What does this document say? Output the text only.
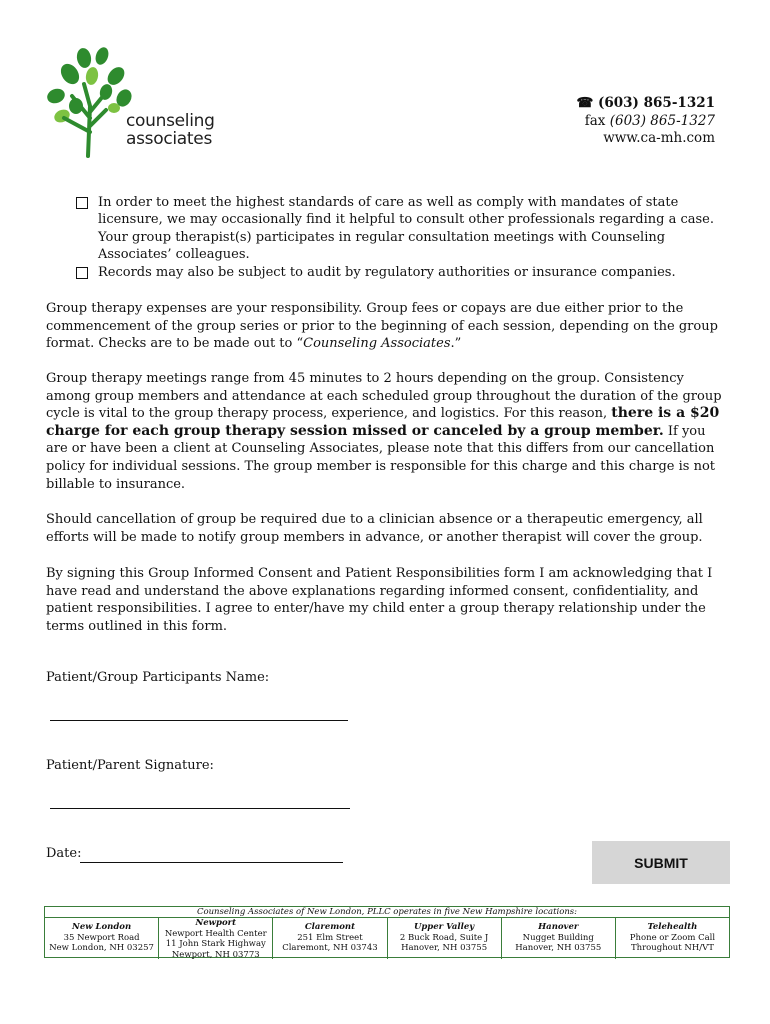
counseling
associates
☎ (603) 865-1321
fax (603) 865-1327
www.ca-mh.com
In order to meet the highest standards of care as well as comply with mandates of state licensure, we may occasionally find it helpful to consult other professionals regarding a case. Your group therapist(s) participates in regular consultation meetings with Counseling Associates’ colleagues.
Records may also be subject to audit by regulatory authorities or insurance companies.

Group therapy expenses are your responsibility. Group fees or copays are due either prior to the commencement of the group series or prior to the beginning of each session, depending on the group format. Checks are to be made out to “Counseling Associates.”

Group therapy meetings range from 45 minutes to 2 hours depending on the group. Consistency among group members and attendance at each scheduled group throughout the duration of the group cycle is vital to the group therapy process, experience, and logistics. For this reason, there is a $20 charge for each group therapy session missed or canceled by a group member. If you are or have been a client at Counseling Associates, please note that this differs from our cancellation policy for individual sessions. The group member is responsible for this charge and this charge is not billable to insurance.

Should cancellation of group be required due to a clinician absence or a therapeutic emergency, all efforts will be made to notify group members in advance, or another therapist will cover the group.

By signing this Group Informed Consent and Patient Responsibilities form I am acknowledging that I have read and understand the above explanations regarding informed consent, confidentiality, and patient responsibilities. I agree to enter/have my child enter a group therapy relationship under the terms outlined in this form.

Patient/Group Participants Name:
Patient/Parent Signature:
Date:
SUBMIT
Counseling Associates of New London, PLLC operates in five New Hampshire locations:
New London
35 Newport Road
New London, NH 03257
Newport
Newport Health Center
11 John Stark Highway
Newport, NH 03773
Claremont
251 Elm Street
Claremont, NH 03743
Upper Valley
2 Buck Road, Suite J
Hanover, NH 03755
Hanover
Nugget Building
Hanover, NH 03755
Telehealth
Phone or Zoom Call
Throughout NH/VT
